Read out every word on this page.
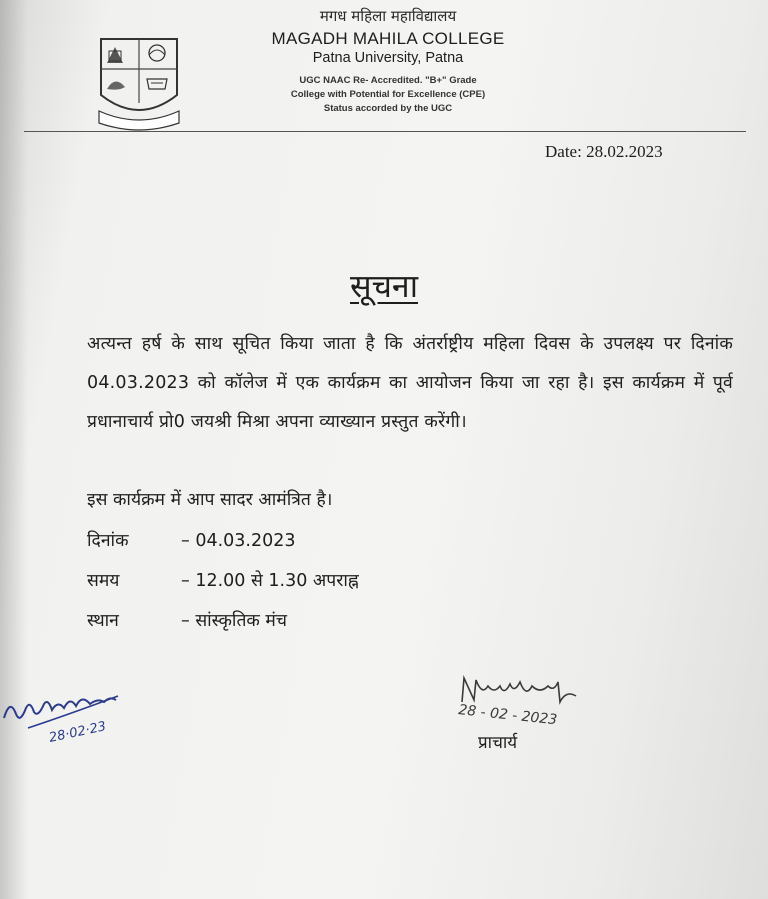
मगध महिला महाविद्यालय
MAGADH MAHILA COLLEGE
Patna University, Patna
UGC NAAC Re- Accredited. "B+" Grade
College with Potential for Excellence (CPE)
Status accorded by the UGC
Date: 28.02.2023
सूचना
अत्यन्त हर्ष के साथ सूचित किया जाता है कि अंतर्राष्ट्रीय महिला दिवस के उपलक्ष्य पर दिनांक 04.03.2023 को कॉलेज में एक कार्यक्रम का आयोजन किया जा रहा है। इस कार्यक्रम में पूर्व प्रधानाचार्य प्रो0 जयश्री मिश्रा अपना व्याख्यान प्रस्तुत करेंगी।
इस कार्यक्रम में आप सादर आमंत्रित है।
दिनांक	– 04.03.2023
समय	– 12.00 से 1.30 अपराह्न
स्थान	– सांस्कृतिक मंच
28·02·23
28 - 02 - 2023
प्राचार्य
